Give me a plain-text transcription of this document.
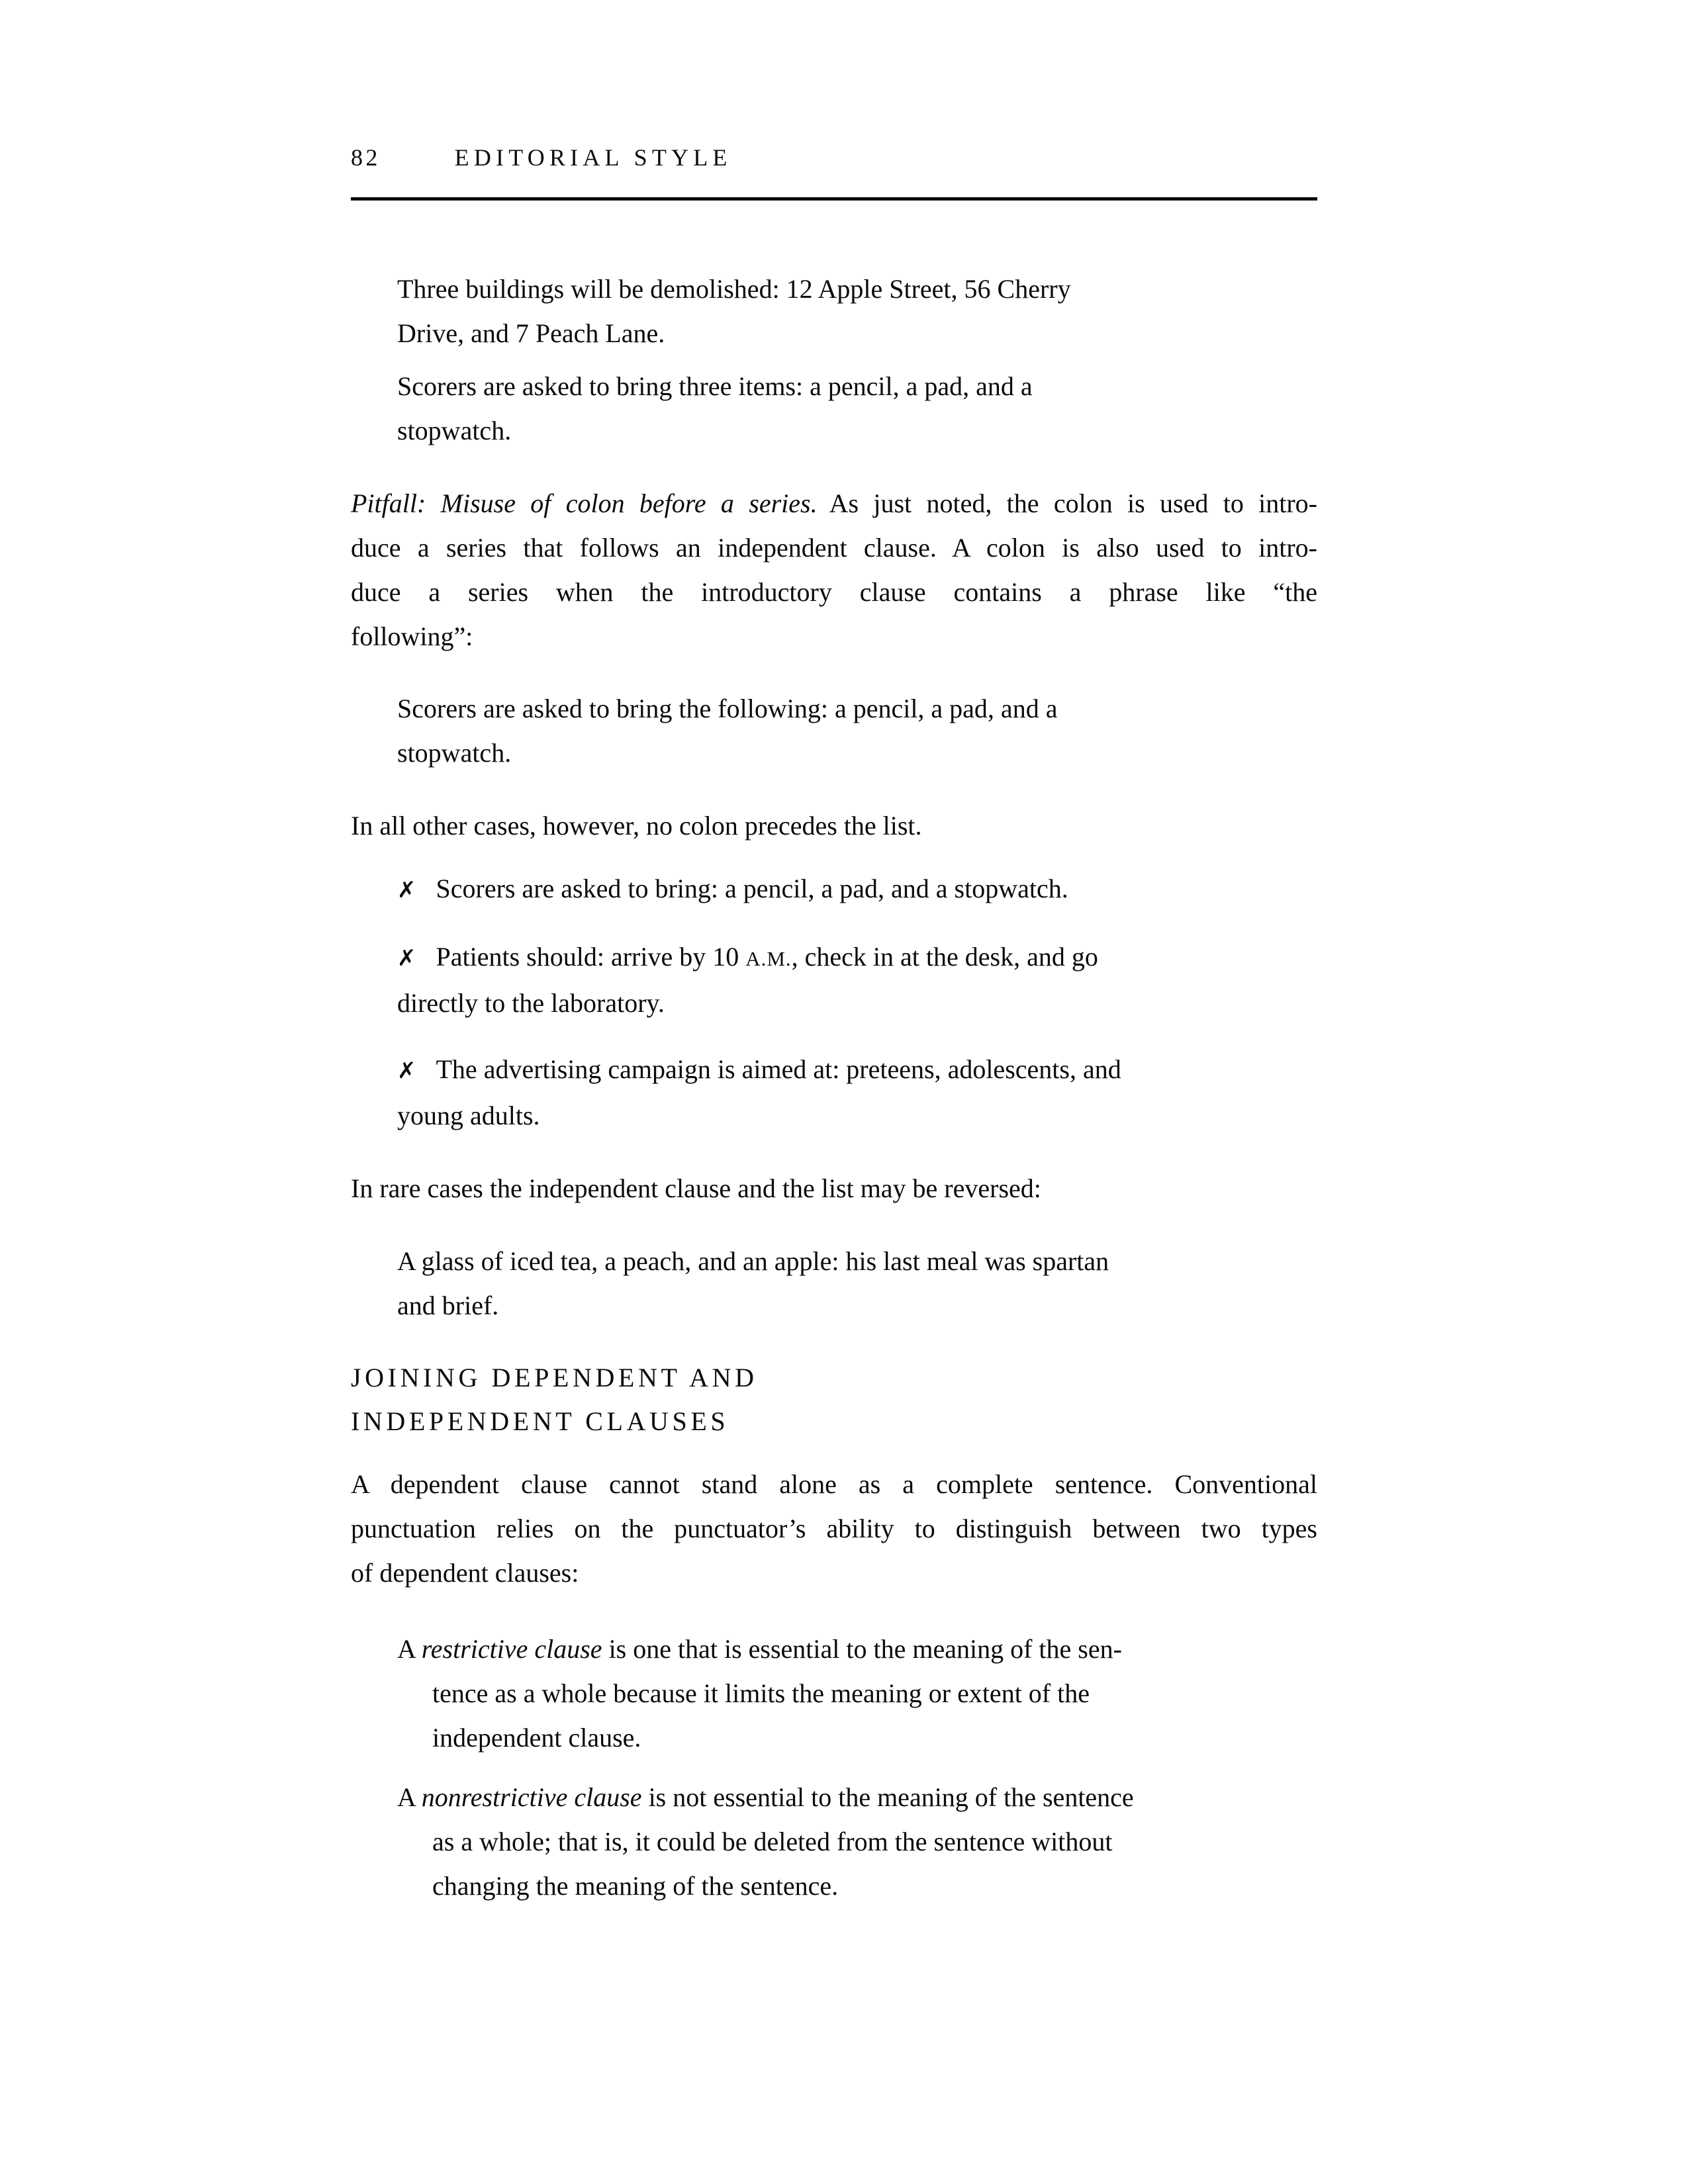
82	EDITORIAL STYLE
Three buildings will be demolished: 12 Apple Street, 56 Cherry
Drive, and 7 Peach Lane.
Scorers are asked to bring three items: a pencil, a pad, and a
stopwatch.
Pitfall: Misuse of colon before a series. As just noted, the colon is used to intro-
duce a series that follows an independent clause. A colon is also used to intro-
duce a series when the introductory clause contains a phrase like “the
following”:
Scorers are asked to bring the following: a pencil, a pad, and a
stopwatch.
In all other cases, however, no colon precedes the list.
✗ Scorers are asked to bring: a pencil, a pad, and a stopwatch.
✗ Patients should: arrive by 10 A.M., check in at the desk, and go
directly to the laboratory.
✗ The advertising campaign is aimed at: preteens, adolescents, and
young adults.
In rare cases the independent clause and the list may be reversed:
A glass of iced tea, a peach, and an apple: his last meal was spartan
and brief.
JOINING DEPENDENT AND
INDEPENDENT CLAUSES
A dependent clause cannot stand alone as a complete sentence. Conventional
punctuation relies on the punctuator’s ability to distinguish between two types
of dependent clauses:
A restrictive clause is one that is essential to the meaning of the sen-
tence as a whole because it limits the meaning or extent of the
independent clause.
A nonrestrictive clause is not essential to the meaning of the sentence
as a whole; that is, it could be deleted from the sentence without
changing the meaning of the sentence.
